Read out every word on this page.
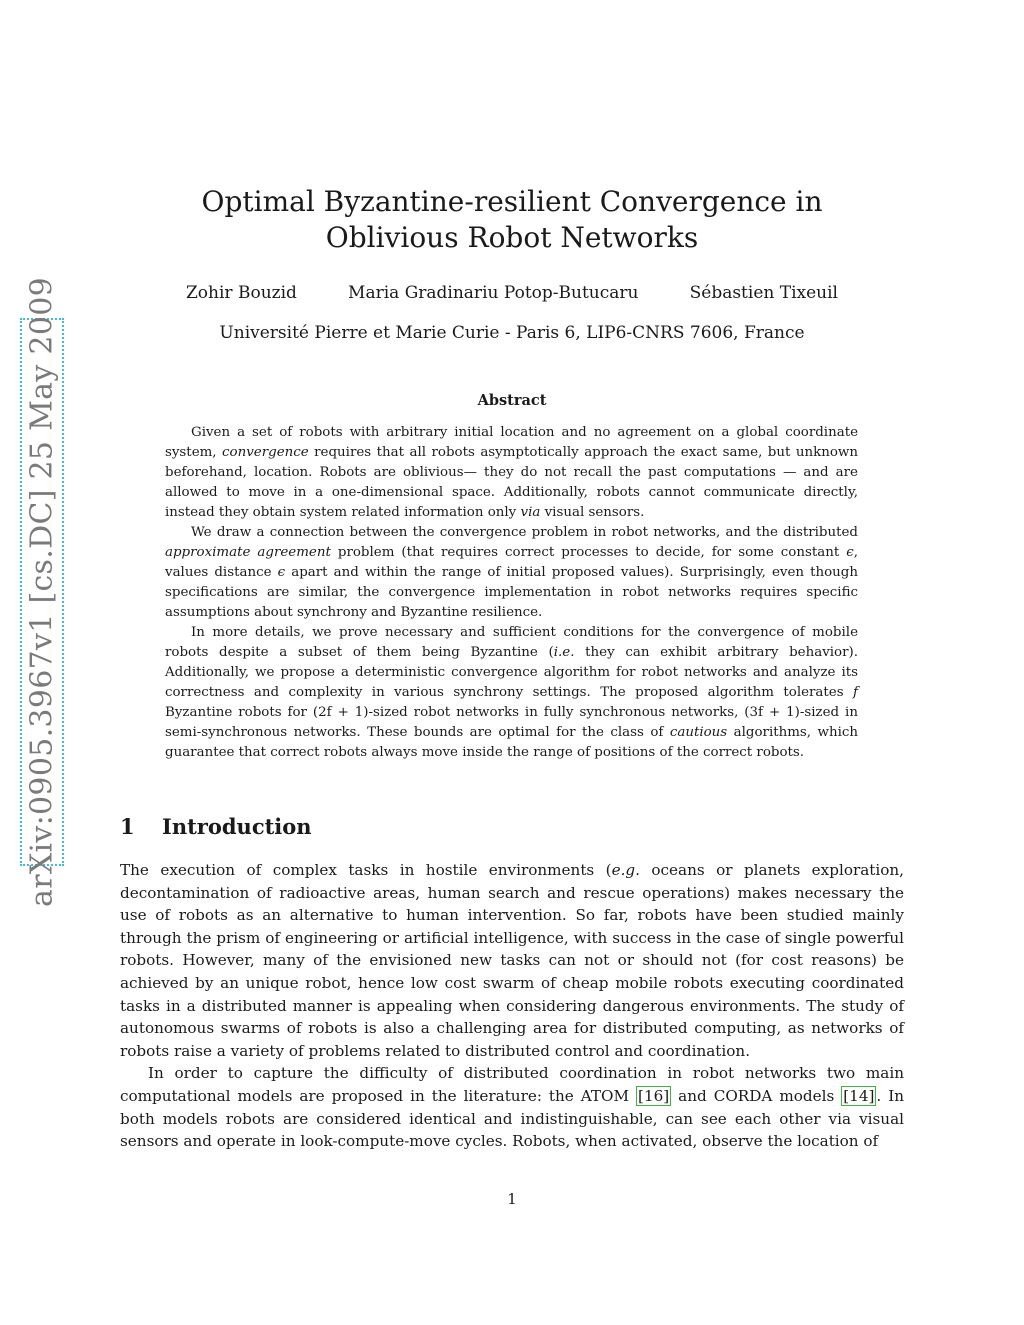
arXiv:0905.3967v1 [cs.DC] 25 May 2009
Optimal Byzantine-resilient Convergence in Oblivious Robot Networks
Zohir Bouzid	Maria Gradinariu Potop-Butucaru	Sébastien Tixeuil
Université Pierre et Marie Curie - Paris 6, LIP6-CNRS 7606, France
Abstract

Given a set of robots with arbitrary initial location and no agreement on a global coordinate system, convergence requires that all robots asymptotically approach the exact same, but unknown beforehand, location. Robots are oblivious— they do not recall the past computations — and are allowed to move in a one-dimensional space. Additionally, robots cannot communicate directly, instead they obtain system related information only via visual sensors.

We draw a connection between the convergence problem in robot networks, and the distributed approximate agreement problem (that requires correct processes to decide, for some constant ϵ, values distance ϵ apart and within the range of initial proposed values). Surprisingly, even though specifications are similar, the convergence implementation in robot networks requires specific assumptions about synchrony and Byzantine resilience.

In more details, we prove necessary and sufficient conditions for the convergence of mobile robots despite a subset of them being Byzantine (i.e. they can exhibit arbitrary behavior). Additionally, we propose a deterministic convergence algorithm for robot networks and analyze its correctness and complexity in various synchrony settings. The proposed algorithm tolerates f Byzantine robots for (2f + 1)-sized robot networks in fully synchronous networks, (3f + 1)-sized in semi-synchronous networks. These bounds are optimal for the class of cautious algorithms, which guarantee that correct robots always move inside the range of positions of the correct robots.

1 Introduction

The execution of complex tasks in hostile environments (e.g. oceans or planets exploration, decontamination of radioactive areas, human search and rescue operations) makes necessary the use of robots as an alternative to human intervention. So far, robots have been studied mainly through the prism of engineering or artificial intelligence, with success in the case of single powerful robots. However, many of the envisioned new tasks can not or should not (for cost reasons) be achieved by an unique robot, hence low cost swarm of cheap mobile robots executing coordinated tasks in a distributed manner is appealing when considering dangerous environments. The study of autonomous swarms of robots is also a challenging area for distributed computing, as networks of robots raise a variety of problems related to distributed control and coordination.

In order to capture the difficulty of distributed coordination in robot networks two main computational models are proposed in the literature: the ATOM [16] and CORDA models [14] . In both models robots are considered identical and indistinguishable, can see each other via visual sensors and operate in look-compute-move cycles. Robots, when activated, observe the location of

1
